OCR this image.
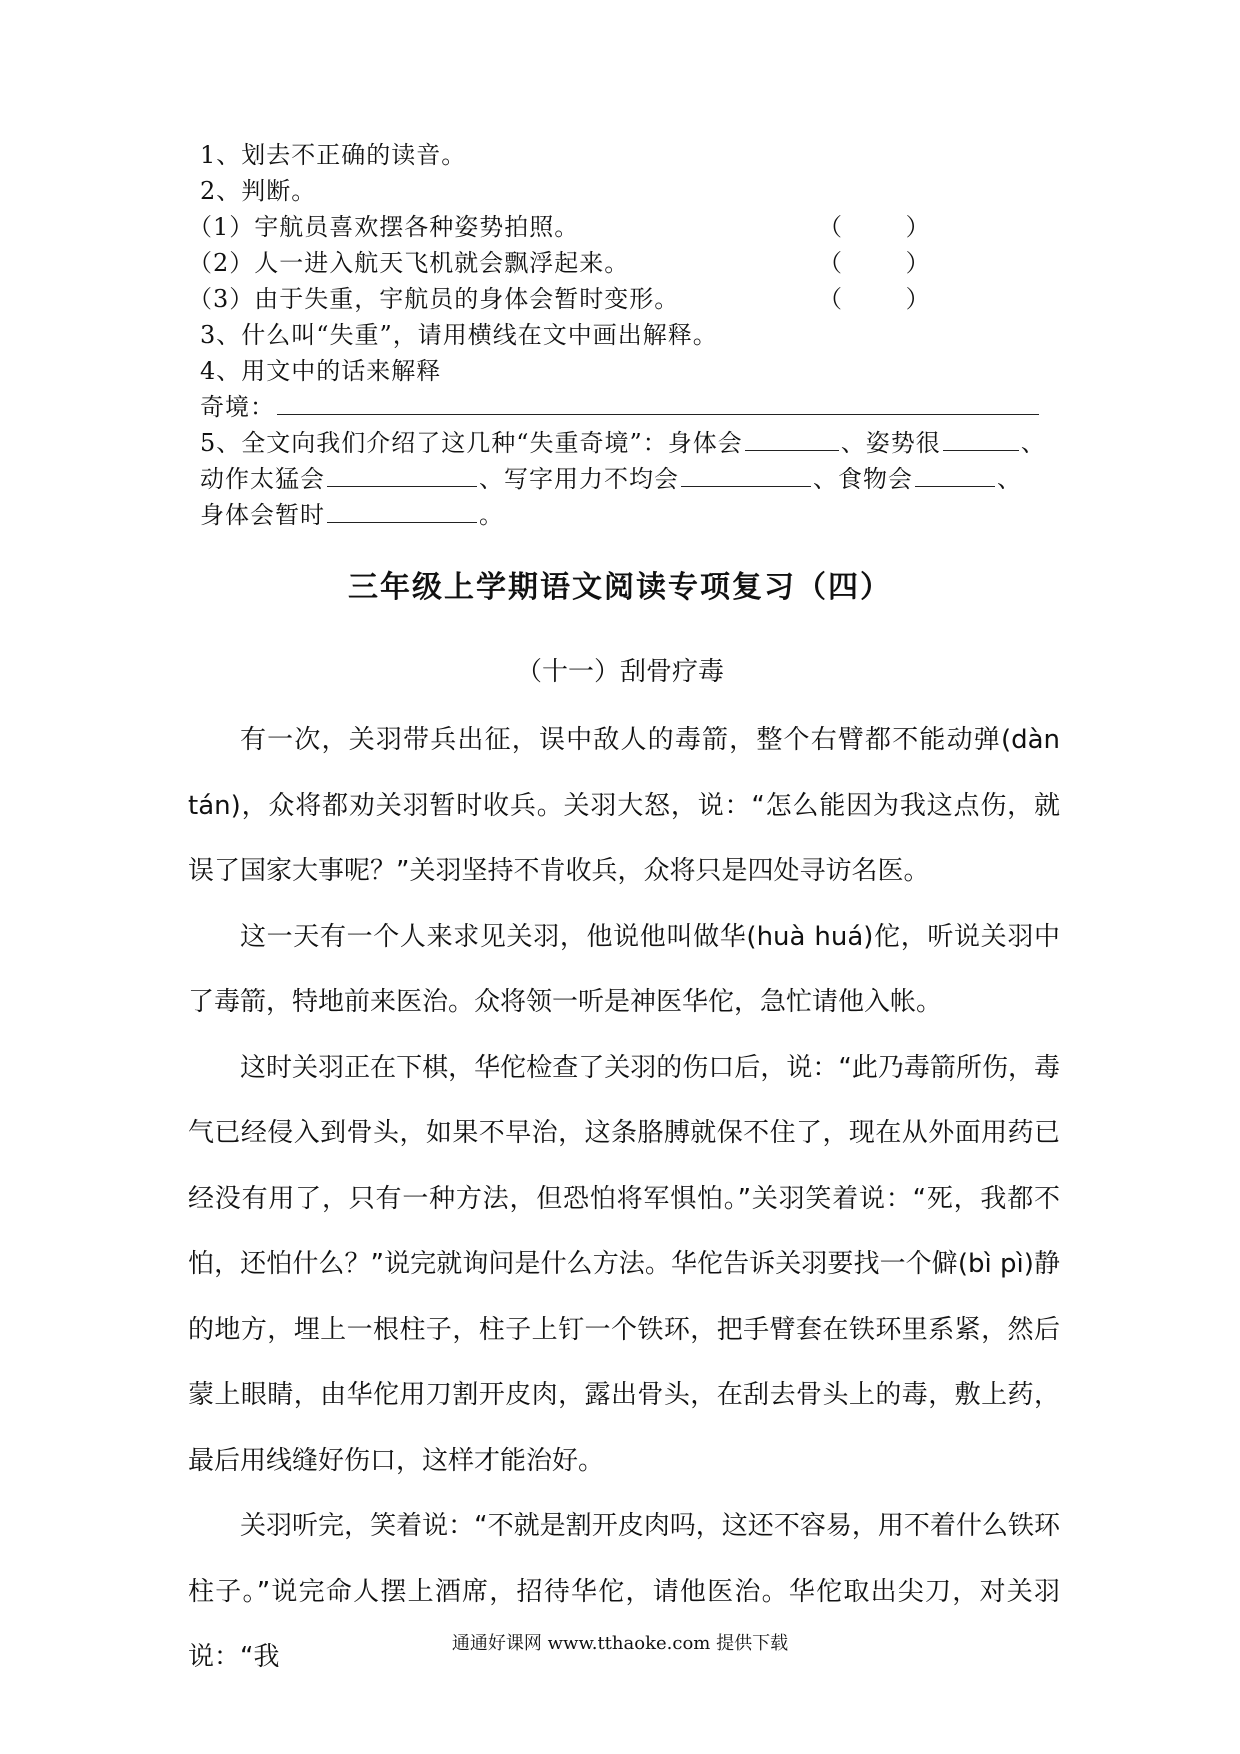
1、划去不正确的读音。
2、判断。
（1）宇航员喜欢摆各种姿势拍照。	（ ）
（2）人一进入航天飞机就会飘浮起来。	（ ）
（3）由于失重，宇航员的身体会暂时变形。	（ ）
3、什么叫“失重”，请用横线在文中画出解释。
4、用文中的话来解释
奇境：
5、全文向我们介绍了这几种“失重奇境”：身体会	、姿势很	、
动作太猛会	、写字用力不均会	、食物会	、
身体会暂时	。
三年级上学期语文阅读专项复习（四）
（十一）刮骨疗毒

有一次，关羽带兵出征，误中敌人的毒箭，整个右臂都不能动弹(dàn tán)，众将都劝关羽暂时收兵。关羽大怒，说：“怎么能因为我这点伤，就误了国家大事呢？”关羽坚持不肯收兵，众将只是四处寻访名医。

这一天有一个人来求见关羽，他说他叫做华(huà huá)佗，听说关羽中了毒箭，特地前来医治。众将领一听是神医华佗，急忙请他入帐。

这时关羽正在下棋，华佗检查了关羽的伤口后，说：“此乃毒箭所伤，毒气已经侵入到骨头，如果不早治，这条胳膊就保不住了，现在从外面用药已经没有用了，只有一种方法，但恐怕将军惧怕。”关羽笑着说：“死，我都不怕，还怕什么？”说完就询问是什么方法。华佗告诉关羽要找一个僻(bì pì)静的地方，埋上一根柱子，柱子上钉一个铁环，把手臂套在铁环里系紧，然后蒙上眼睛，由华佗用刀割开皮肉，露出骨头，在刮去骨头上的毒，敷上药，最后用线缝好伤口，这样才能治好。

关羽听完，笑着说：“不就是割开皮肉吗，这还不容易，用不着什么铁环柱子。”说完命人摆上酒席，招待华佗，请他医治。华佗取出尖刀，对关羽说：“我	通通好课网 www.tthaoke.com 提供下载
